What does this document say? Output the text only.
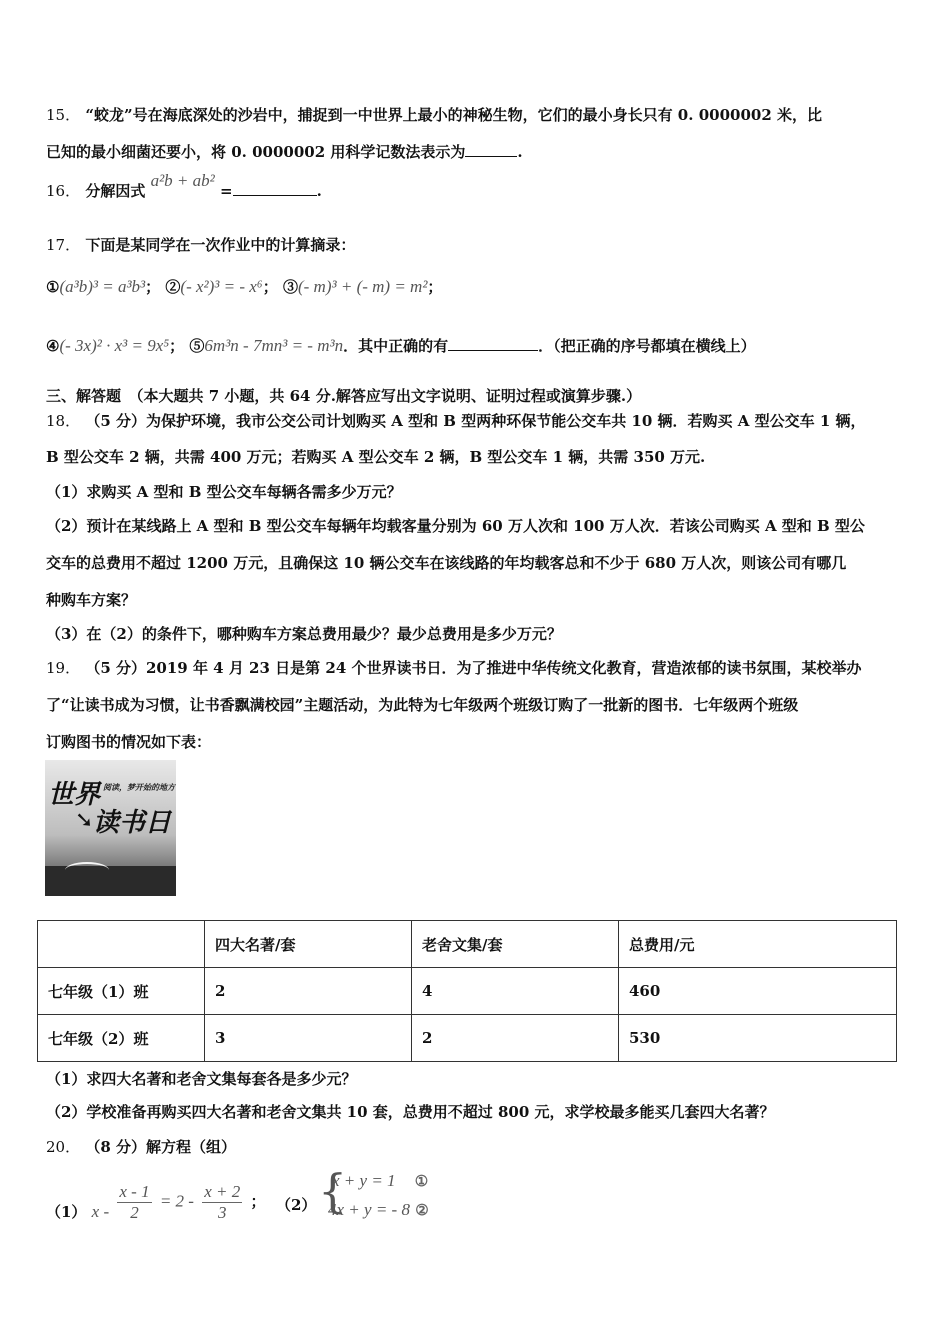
15． “蛟龙”号在海底深处的沙岩中，捕捉到一中世界上最小的神秘生物，它们的最小身长只有 0. 0000002 米，比
已知的最小细菌还要小，将 0. 0000002 用科学记数法表示为	.
16． 分解因式 a²b + ab² =	.
17． 下面是某同学在一次作业中的计算摘录：
①(a³b)³ = a³b³； ②(- x²)³ = - x⁶； ③(- m)³ + (- m) = m²；
④(- 3x)² · x³ = 9x⁵； ⑤6m³n - 7mn³ = - m³n．其中正确的有	．（把正确的序号都填在横线上）
三、解答题　（本大题共 7 小题，共 64 分.解答应写出文字说明、证明过程或演算步骤.）
18． （5 分）为保护环境，我市公交公司计划购买 A 型和 B 型两种环保节能公交车共 10 辆．若购买 A 型公交车 1 辆，
B 型公交车 2 辆，共需 400 万元；若购买 A 型公交车 2 辆，B 型公交车 1 辆，共需 350 万元.
（1）求购买 A 型和 B 型公交车每辆各需多少万元？
（2）预计在某线路上 A 型和 B 型公交车每辆年均载客量分别为 60 万人次和 100 万人次．若该公司购买 A 型和 B 型公
交车的总费用不超过 1200 万元，且确保这 10 辆公交车在该线路的年均载客总和不少于 680 万人次，则该公司有哪几
种购车方案？
（3）在（2）的条件下，哪种购车方案总费用最少？最少总费用是多少万元？
19． （5 分）2019 年 4 月 23 日是第 24 个世界读书日．为了推进中华传统文化教育，营造浓郁的读书氛围，某校举办
了“让读书成为习惯，让书香飘满校园”主题活动，为此特为七年级两个班级订购了一批新的图书．七年级两个班级
订购图书的情况如下表：
世界 阅读，梦开始的地方
➘ 读书日
	四大名著/套	老舍文集/套	总费用/元
七年级（1）班	2	4	460
七年级（2）班	3	2	530
（1）求四大名著和老舍文集每套各是多少元？
（2）学校准备再购买四大名著和老舍文集共 10 套，总费用不超过 800 元，求学校最多能买几套四大名著？
20． （8 分）解方程（组）
（1） $x - \frac{x - 1}{2} = 2 - \frac{x + 2}{3}$ ； （2） {
x + y = 1 ①
4x + y = - 8 ②
